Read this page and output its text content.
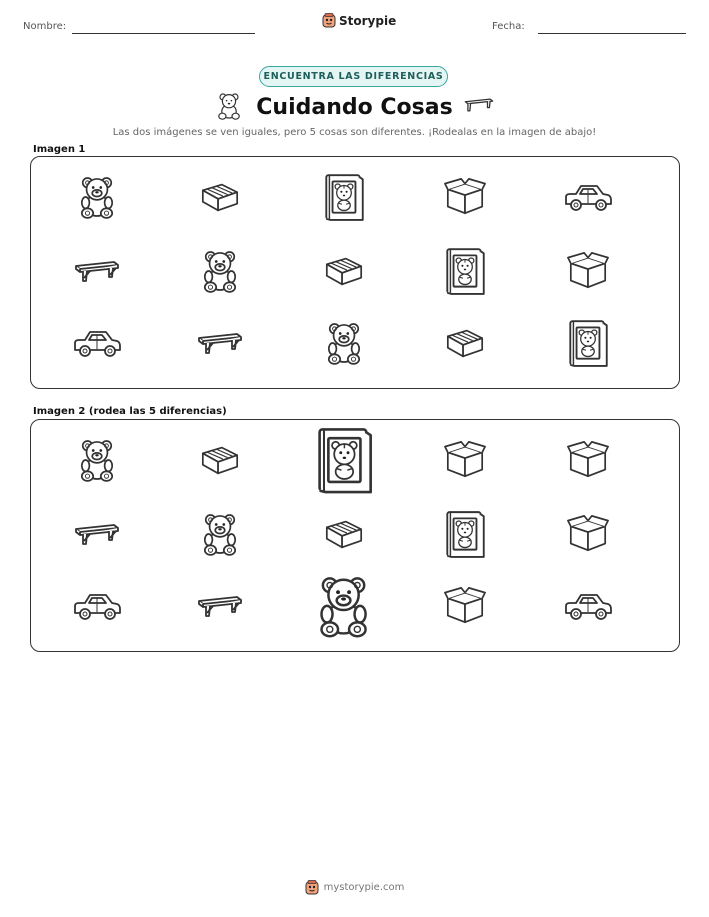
Nombre:	Storypie	Fecha:
ENCUENTRA LAS DIFERENCIAS
Cuidando Cosas
Las dos imágenes se ven iguales, pero 5 cosas son diferentes. ¡Rodealas en la imagen de abajo!
Imagen 1
Imagen 2 (rodea las 5 diferencias)
mystorypie.com
